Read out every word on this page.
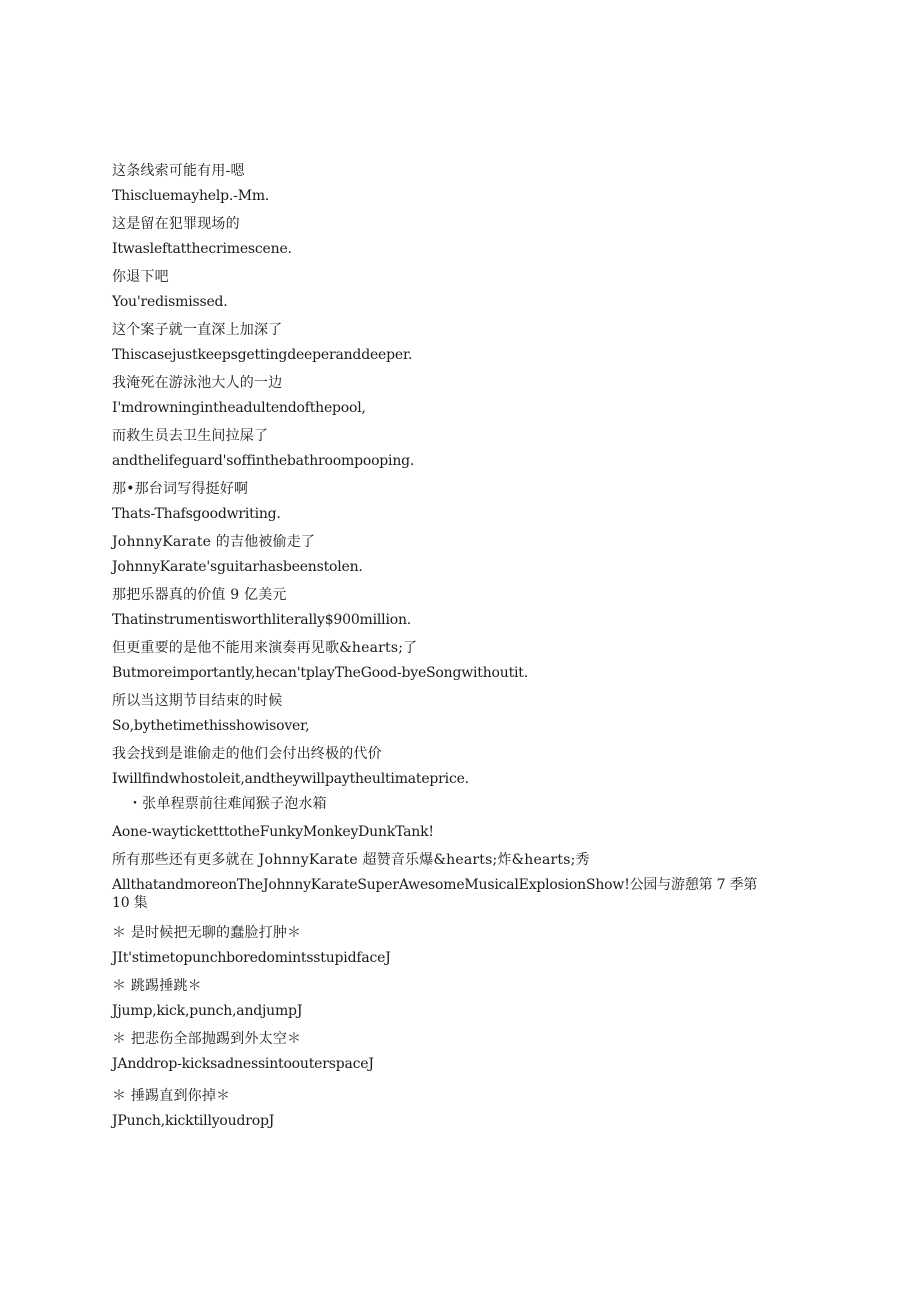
这条线索可能有用-嗯
Thiscluemayhelp.-Mm.
这是留在犯罪现场的
Itwasleftatthecrimescene.
你退下吧
You'redismissed.
这个案子就一直深上加深了
Thiscasejustkeepsgettingdeeperanddeeper.
我淹死在游泳池大人的一边
I'mdrowningintheadultendofthepool,
而救生员去卫生间拉屎了
andthelifeguard'soffinthebathroompooping.
那•那台词写得挺好啊
Thats-Thafsgoodwriting.
JohnnyKarate 的吉他被偷走了
JohnnyKarate'sguitarhasbeenstolen.
那把乐器真的价值 9 亿美元
Thatinstrumentisworthliterally$900million.
但更重要的是他不能用来演奏再见歌&hearts;了
Butmoreimportantly,hecan'tplayTheGood-byeSongwithoutit.
所以当这期节目结束的时候
So,bythetimethisshowisover,
我会找到是谁偷走的他们会付出终极的代价
Iwillfindwhostoleit,andtheywillpaytheultimateprice.
・张单程票前往难闻猴子泡水箱
Aone-wayticketttotheFunkyMonkeyDunkTank!
所有那些还有更多就在 JohnnyKarate 超赞音乐爆&hearts;炸&hearts;秀
AllthatandmoreonTheJohnnyKarateSuperAwesomeMusicalExplosionShow!公园与游憩第 7 季第 10 集
＊ 是时候把无聊的蠢脸打肿＊
JIt'stimetopunchboredomintsstupidfaceJ
＊ 跳踢捶跳＊
Jjump,kick,punch,andjumpJ
＊ 把悲伤全部抛踢到外太空＊
JAnddrop-kicksadnessintoouterspaceJ
＊ 捶踢直到你掉＊
JPunch,kicktillyoudropJ
